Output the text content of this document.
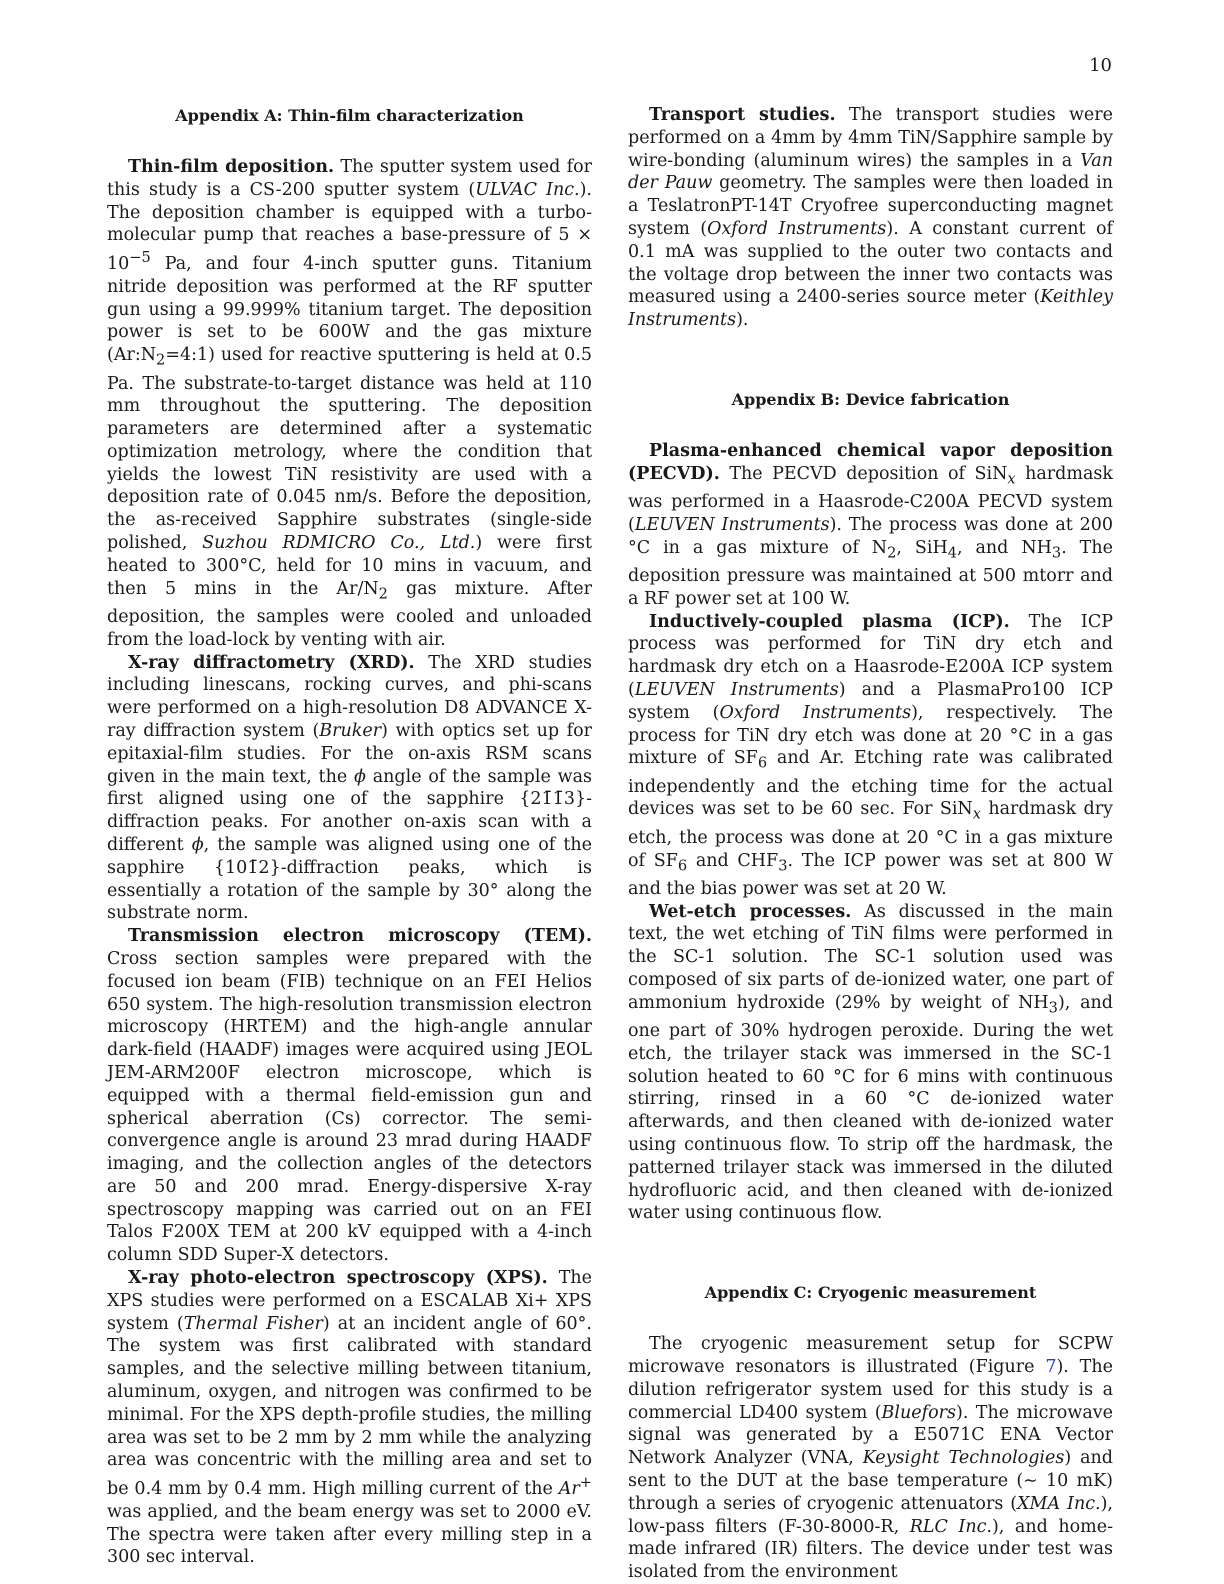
10
Appendix A: Thin-film characterization

Thin-film deposition. The sputter system used for this study is a CS-200 sputter system (ULVAC Inc.). The deposition chamber is equipped with a turbo-molecular pump that reaches a base-pressure of $5 \times 10^{-5}$ Pa, and four 4-inch sputter guns. Titanium nitride deposition was performed at the RF sputter gun using a 99.999% titanium target. The deposition power is set to be 600W and the gas mixture $(Ar:N_2=4:1)$ used for reactive sputtering is held at 0.5 Pa. The substrate-to-target distance was held at 110 mm throughout the sputtering. The deposition parameters are determined after a systematic optimization metrology, where the condition that yields the lowest TiN resistivity are used with a deposition rate of 0.045 nm/s. Before the deposition, the as-received Sapphire substrates (single-side polished, Suzhou RDMICRO Co., Ltd.) were first heated to 300°C, held for 10 mins in vacuum, and then 5 mins in the $Ar/N_2$ gas mixture. After deposition, the samples were cooled and unloaded from the load-lock by venting with air.

X-ray diffractometry (XRD). The XRD studies including linescans, rocking curves, and phi-scans were performed on a high-resolution D8 ADVANCE X-ray diffraction system (Bruker) with optics set up for epitaxial-film studies. For the on-axis RSM scans given in the main text, the ϕ angle of the sample was first aligned using one of the sapphire {21̄1̄3}-diffraction peaks. For another on-axis scan with a different ϕ, the sample was aligned using one of the sapphire {101̄2}-diffraction peaks, which is essentially a rotation of the sample by 30° along the substrate norm.

Transmission electron microscopy (TEM). Cross section samples were prepared with the focused ion beam (FIB) technique on an FEI Helios 650 system. The high-resolution transmission electron microscopy (HRTEM) and the high-angle annular dark-field (HAADF) images were acquired using JEOL JEM-ARM200F electron microscope, which is equipped with a thermal field-emission gun and spherical aberration (Cs) corrector. The semi-convergence angle is around 23 mrad during HAADF imaging, and the collection angles of the detectors are 50 and 200 mrad. Energy-dispersive X-ray spectroscopy mapping was carried out on an FEI Talos F200X TEM at 200 kV equipped with a 4-inch column SDD Super-X detectors.

X-ray photo-electron spectroscopy (XPS). The XPS studies were performed on a ESCALAB Xi+ XPS system (Thermal Fisher) at an incident angle of 60°. The system was first calibrated with standard samples, and the selective milling between titanium, aluminum, oxygen, and nitrogen was confirmed to be minimal. For the XPS depth-profile studies, the milling area was set to be 2 mm by 2 mm while the analyzing area was concentric with the milling area and set to be 0.4 mm by 0.4 mm. High milling current of the Ar+ was applied, and the beam energy was set to 2000 eV. The spectra were taken after every milling step in a 300 sec interval.

Transport studies. The transport studies were performed on a 4mm by 4mm TiN/Sapphire sample by wire-bonding (aluminum wires) the samples in a Van der Pauw geometry. The samples were then loaded in a TeslatronPT-14T Cryofree superconducting magnet system (Oxford Instruments). A constant current of 0.1 mA was supplied to the outer two contacts and the voltage drop between the inner two contacts was measured using a 2400-series source meter (Keithley Instruments).

Appendix B: Device fabrication

Plasma-enhanced chemical vapor deposition (PECVD). The PECVD deposition of SiN$_x$ hardmask was performed in a Haasrode-C200A PECVD system (LEUVEN Instruments). The process was done at 200 °C in a gas mixture of $N_2$, SiH$_4$, and $NH_3$. The deposition pressure was maintained at 500 mtorr and a RF power set at 100 W.

Inductively-coupled plasma (ICP). The ICP process was performed for TiN dry etch and hardmask dry etch on a Haasrode-E200A ICP system (LEUVEN Instruments) and a PlasmaPro100 ICP system (Oxford Instruments), respectively. The process for TiN dry etch was done at 20 °C in a gas mixture of $SF_6$ and Ar. Etching rate was calibrated independently and the etching time for the actual devices was set to be 60 sec. For SiN$_x$ hardmask dry etch, the process was done at 20 °C in a gas mixture of $SF_6$ and $CHF_3$. The ICP power was set at 800 W and the bias power was set at 20 W.

Wet-etch processes. As discussed in the main text, the wet etching of TiN films were performed in the SC-1 solution. The SC-1 solution used was composed of six parts of de-ionized water, one part of ammonium hydroxide (29% by weight of $NH_3$), and one part of 30% hydrogen peroxide. During the wet etch, the trilayer stack was immersed in the SC-1 solution heated to 60 °C for 6 mins with continuous stirring, rinsed in a 60 °C de-ionized water afterwards, and then cleaned with de-ionized water using continuous flow. To strip off the hardmask, the patterned trilayer stack was immersed in the diluted hydrofluoric acid, and then cleaned with de-ionized water using continuous flow.

Appendix C: Cryogenic measurement

The cryogenic measurement setup for SCPW microwave resonators is illustrated (Figure 7). The dilution refrigerator system used for this study is a commercial LD400 system (Bluefors). The microwave signal was generated by a E5071C ENA Vector Network Analyzer (VNA, Keysight Technologies) and sent to the DUT at the base temperature (∼ 10 mK) through a series of cryogenic attenuators (XMA Inc.), low-pass filters (F-30-8000-R, RLC Inc.), and home-made infrared (IR) filters. The device under test was isolated from the environment
